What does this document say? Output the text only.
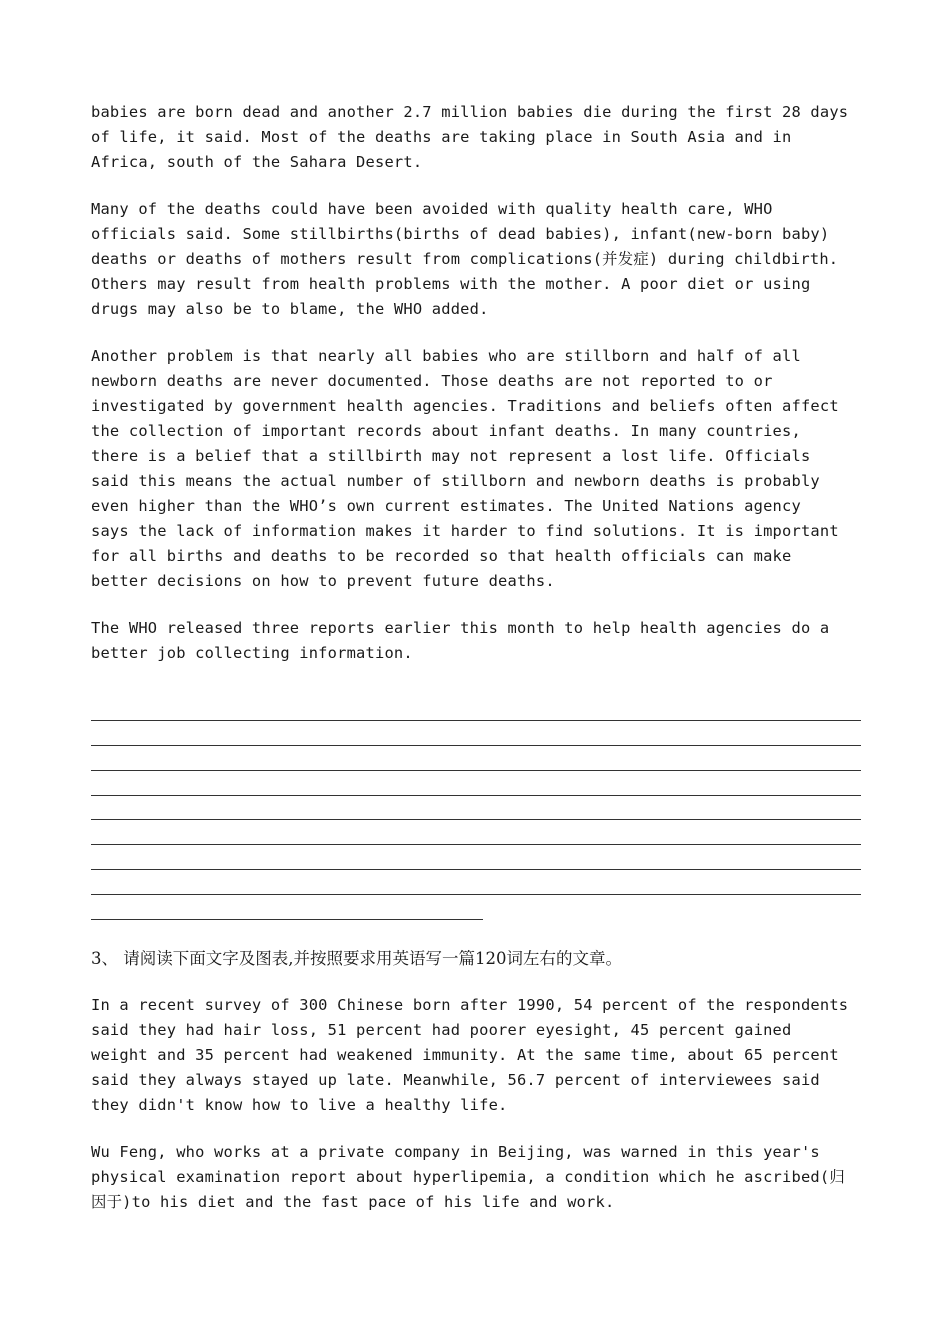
babies are born dead and another 2.7 million babies die during the first 28 days
of life, it said. Most of the deaths are taking place in South Asia and in
Africa, south of the Sahara Desert.

Many of the deaths could have been avoided with quality health care, WHO
officials said. Some stillbirths(births of dead babies), infant(new-born baby)
deaths or deaths of mothers result from complications(并发症) during childbirth.
Others may result from health problems with the mother. A poor diet or using
drugs may also be to blame, the WHO added.

Another problem is that nearly all babies who are stillborn and half of all
newborn deaths are never documented. Those deaths are not reported to or
investigated by government health agencies. Traditions and beliefs often affect
the collection of important records about infant deaths. In many countries,
there is a belief that a stillbirth may not represent a lost life. Officials
said this means the actual number of stillborn and newborn deaths is probably
even higher than the WHO’s own current estimates. The United Nations agency
says the lack of information makes it harder to find solutions. It is important
for all births and deaths to be recorded so that health officials can make
better decisions on how to prevent future deaths.

The WHO released three reports earlier this month to help health agencies do a
better job collecting information.

3、 请阅读下面文字及图表,并按照要求用英语写一篇120词左右的文章。

In a recent survey of 300 Chinese born after 1990, 54 percent of the respondents
said they had hair loss, 51 percent had poorer eyesight, 45 percent gained
weight and 35 percent had weakened immunity. At the same time, about 65 percent
said they always stayed up late. Meanwhile, 56.7 percent of interviewees said
they didn't know how to live a healthy life.

Wu Feng, who works at a private company in Beijing, was warned in this year's
physical examination report about hyperlipemia, a condition which he ascribed(归
因于)to his diet and the fast pace of his life and work.
